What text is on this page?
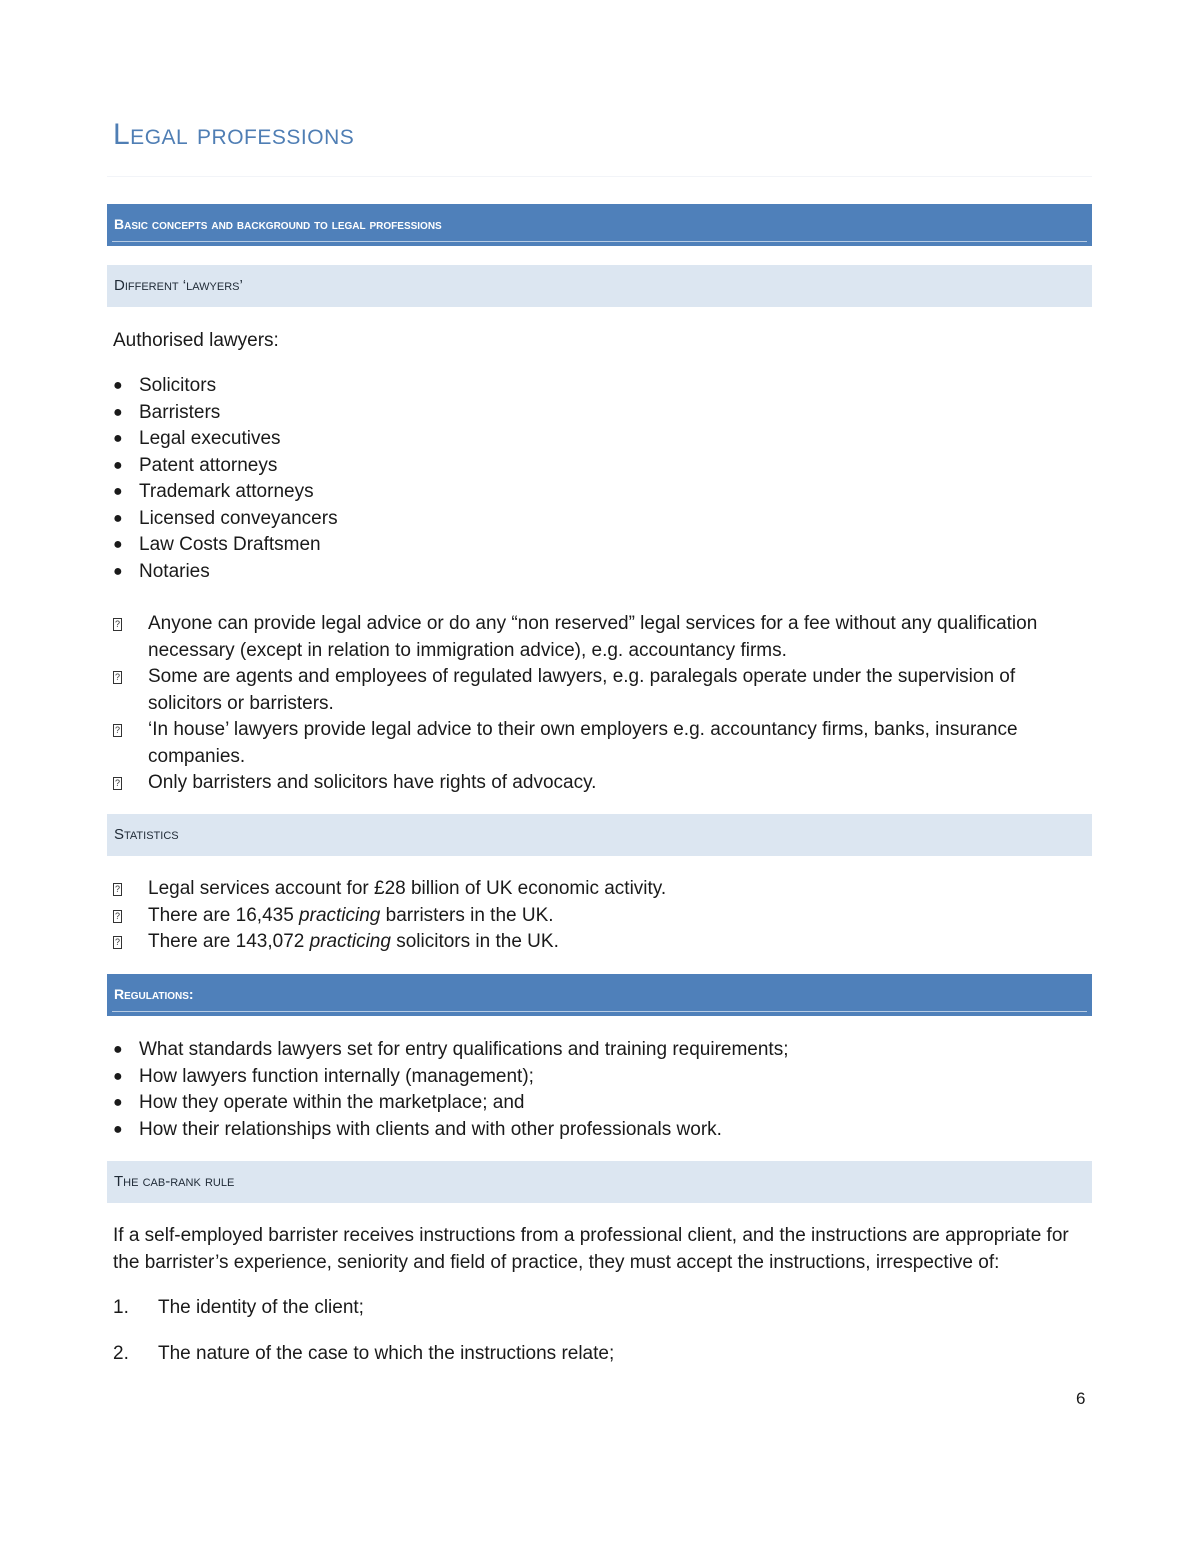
Legal professions
Basic concepts and background to legal professions
Different ‘lawyers’

Authorised lawyers:

● Solicitors
● Barristers
● Legal executives
● Patent attorneys
● Trademark attorneys
● Licensed conveyancers
● Law Costs Draftsmen
● Notaries
? Anyone can provide legal advice or do any “non reserved” legal services for a fee without any qualification necessary (except in relation to immigration advice), e.g. accountancy firms.
? Some are agents and employees of regulated lawyers, e.g. paralegals operate under the supervision of solicitors or barristers.
? ‘In house’ lawyers provide legal advice to their own employers e.g. accountancy firms, banks, insurance companies.
? Only barristers and solicitors have rights of advocacy.
Statistics
? Legal services account for £28 billion of UK economic activity.
? There are 16,435 practicing barristers in the UK.
? There are 143,072 practicing solicitors in the UK.
Regulations:
● What standards lawyers set for entry qualifications and training requirements;
● How lawyers function internally (management);
● How they operate within the marketplace; and
● How their relationships with clients and with other professionals work.
The cab-rank rule

If a self-employed barrister receives instructions from a professional client, and the instructions are appropriate for the barrister’s experience, seniority and field of practice, they must accept the instructions, irrespective of:

1. The identity of the client;
2. The nature of the case to which the instructions relate;

6
